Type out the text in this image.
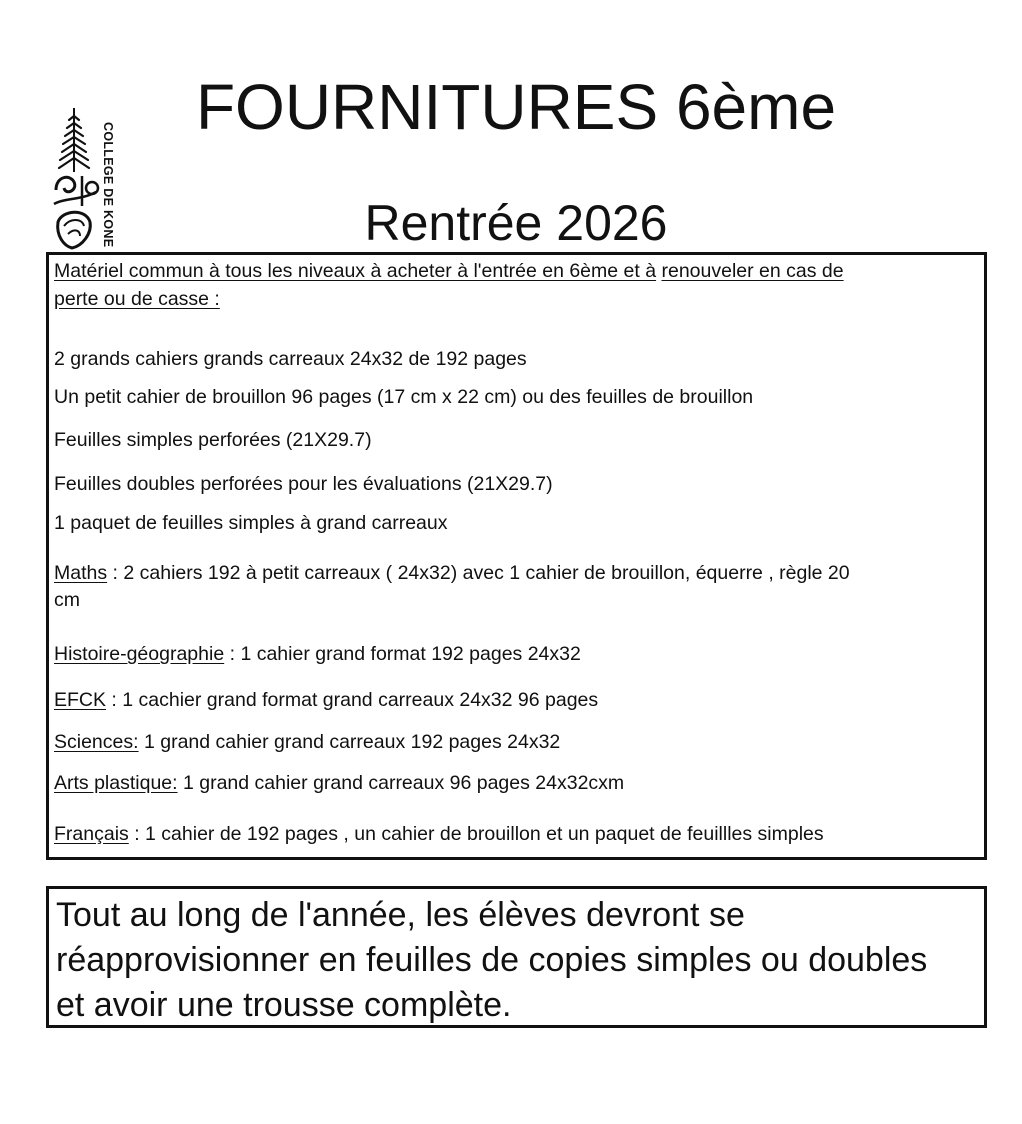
COLLEGE DE KONE
FOURNITURES 6ème
Rentrée 2026
Matériel commun à tous les niveaux à acheter à l'entrée en 6ème et à renouveler en cas de
perte ou de casse :
2 grands cahiers grands carreaux 24x32 de 192 pages
Un petit cahier de brouillon 96 pages (17 cm x 22 cm) ou des feuilles de brouillon
Feuilles simples perforées (21X29.7)
Feuilles doubles perforées pour les évaluations (21X29.7)
1 paquet de feuilles simples à grand carreaux
Maths : 2 cahiers 192 à petit carreaux ( 24x32) avec 1 cahier de brouillon, équerre , règle 20
cm
Histoire-géographie : 1 cahier grand format 192 pages 24x32
EFCK : 1 cachier grand format grand carreaux 24x32 96 pages
Sciences: 1 grand cahier grand carreaux 192 pages 24x32
Arts plastique: 1 grand cahier grand carreaux 96 pages 24x32cxm
Français : 1 cahier de 192 pages , un cahier de brouillon et un paquet de feuillles simples

Tout au long de l'année, les élèves devront se réapprovisionner en feuilles de copies simples ou doubles et avoir une trousse complète.
